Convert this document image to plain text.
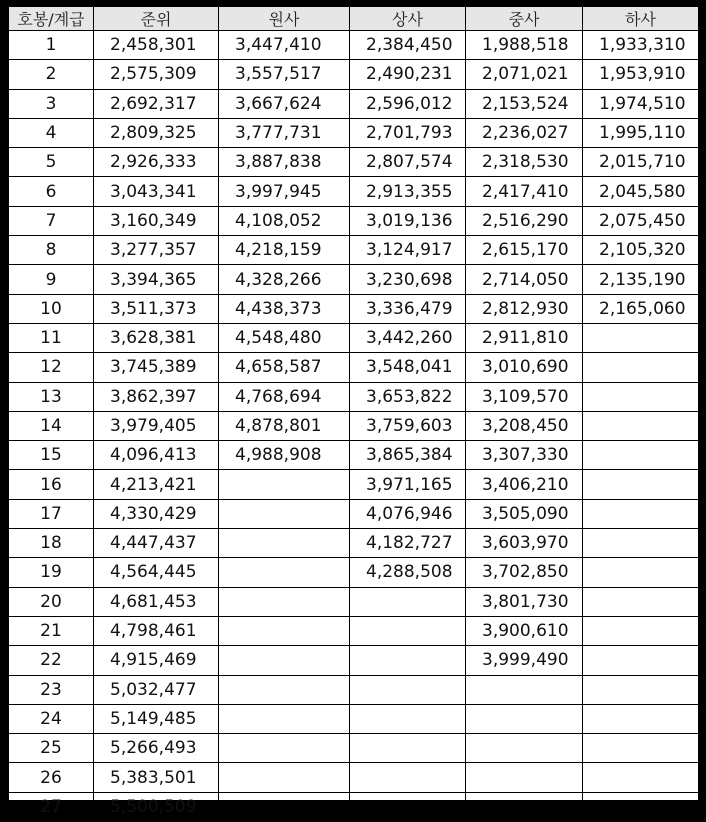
호봉/계급	준위	원사	상사	중사	하사
1	2,458,301	3,447,410	2,384,450	1,988,518	1,933,310
2	2,575,309	3,557,517	2,490,231	2,071,021	1,953,910
3	2,692,317	3,667,624	2,596,012	2,153,524	1,974,510
4	2,809,325	3,777,731	2,701,793	2,236,027	1,995,110
5	2,926,333	3,887,838	2,807,574	2,318,530	2,015,710
6	3,043,341	3,997,945	2,913,355	2,417,410	2,045,580
7	3,160,349	4,108,052	3,019,136	2,516,290	2,075,450
8	3,277,357	4,218,159	3,124,917	2,615,170	2,105,320
9	3,394,365	4,328,266	3,230,698	2,714,050	2,135,190
10	3,511,373	4,438,373	3,336,479	2,812,930	2,165,060
11	3,628,381	4,548,480	3,442,260	2,911,810	
12	3,745,389	4,658,587	3,548,041	3,010,690	
13	3,862,397	4,768,694	3,653,822	3,109,570	
14	3,979,405	4,878,801	3,759,603	3,208,450	
15	4,096,413	4,988,908	3,865,384	3,307,330	
16	4,213,421		3,971,165	3,406,210	
17	4,330,429		4,076,946	3,505,090	
18	4,447,437		4,182,727	3,603,970	
19	4,564,445		4,288,508	3,702,850	
20	4,681,453			3,801,730	
21	4,798,461			3,900,610	
22	4,915,469			3,999,490	
23	5,032,477				
24	5,149,485				
25	5,266,493				
26	5,383,501				
27	5,500,509				
